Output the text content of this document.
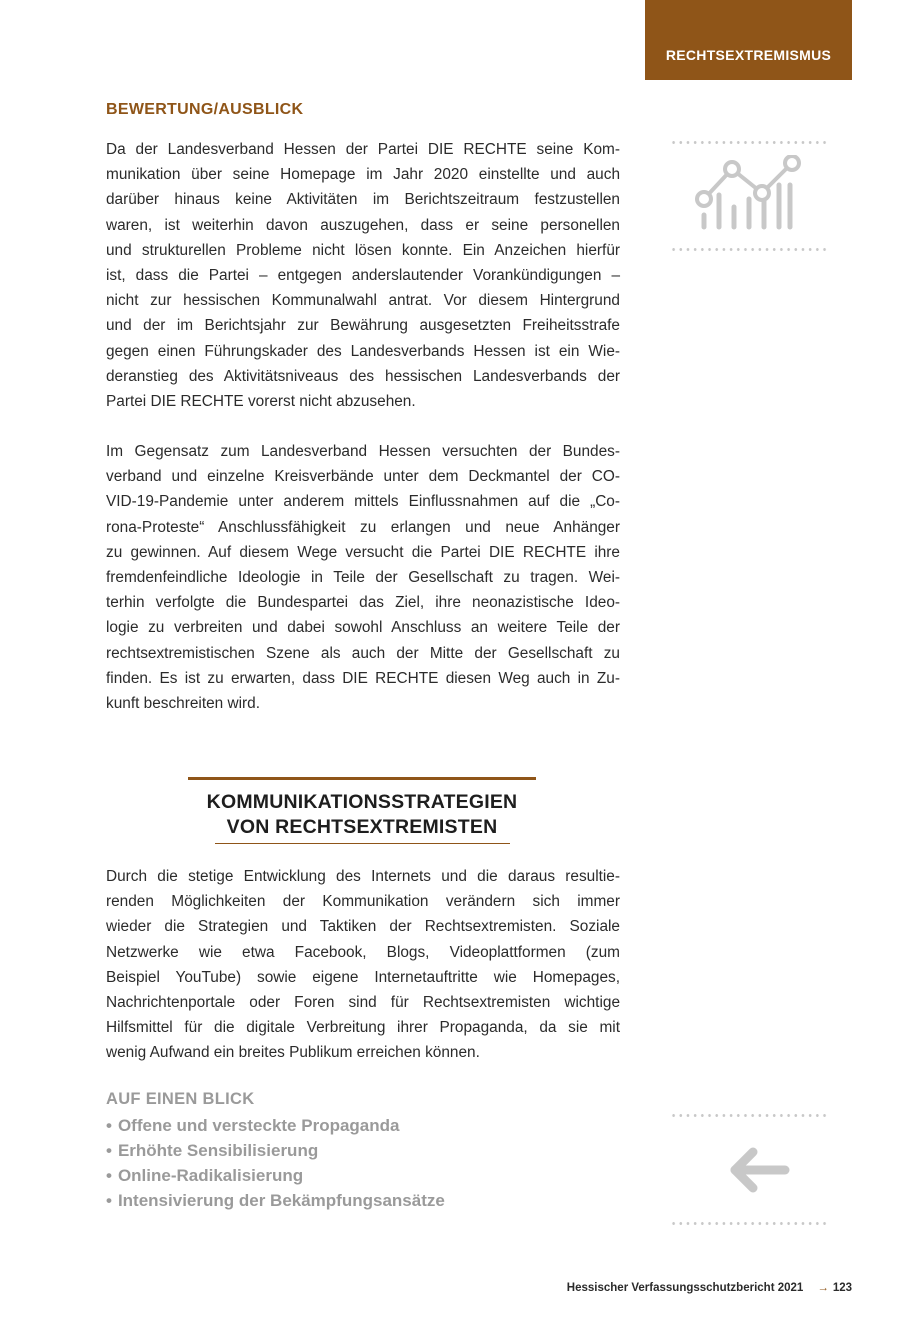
RECHTSEXTREMISMUS
BEWERTUNG/AUSBLICK

Da der Landesverband Hessen der Partei DIE RECHTE seine Kom-
munikation über seine Homepage im Jahr 2020 einstellte und auch
darüber hinaus keine Aktivitäten im Berichtszeitraum festzustellen
waren, ist weiterhin davon auszugehen, dass er seine personellen
und strukturellen Probleme nicht lösen konnte. Ein Anzeichen hierfür
ist, dass die Partei – entgegen anderslautender Vorankündigungen –
nicht zur hessischen Kommunalwahl antrat. Vor diesem Hintergrund
und der im Berichtsjahr zur Bewährung ausgesetzten Freiheitsstrafe
gegen einen Führungskader des Landesverbands Hessen ist ein Wie-
deranstieg des Aktivitätsniveaus des hessischen Landesverbands der
Partei DIE RECHTE vorerst nicht abzusehen.

Im Gegensatz zum Landesverband Hessen versuchten der Bundes-
verband und einzelne Kreisverbände unter dem Deckmantel der CO-
VID-19-Pandemie unter anderem mittels Einflussnahmen auf die „Co-
rona-Proteste“ Anschlussfähigkeit zu erlangen und neue Anhänger
zu gewinnen. Auf diesem Wege versucht die Partei DIE RECHTE ihre
fremdenfeindliche Ideologie in Teile der Gesellschaft zu tragen. Wei-
terhin verfolgte die Bundespartei das Ziel, ihre neonazistische Ideo-
logie zu verbreiten und dabei sowohl Anschluss an weitere Teile der
rechtsextremistischen Szene als auch der Mitte der Gesellschaft zu
finden. Es ist zu erwarten, dass DIE RECHTE diesen Weg auch in Zu-
kunft beschreiten wird.

KOMMUNIKATIONSSTRATEGIEN
VON RECHTSEXTREMISTEN

Durch die stetige Entwicklung des Internets und die daraus resultie-
renden Möglichkeiten der Kommunikation verändern sich immer
wieder die Strategien und Taktiken der Rechtsextremisten. Soziale
Netzwerke wie etwa Facebook, Blogs, Videoplattformen (zum
Beispiel YouTube) sowie eigene Internetauftritte wie Homepages,
Nachrichtenportale oder Foren sind für Rechtsextremisten wichtige
Hilfsmittel für die digitale Verbreitung ihrer Propaganda, da sie mit
wenig Aufwand ein breites Publikum erreichen können.

AUF EINEN BLICK
• Offene und versteckte Propaganda
• Erhöhte Sensibilisierung
• Online-Radikalisierung
• Intensivierung der Bekämpfungsansätze
Hessischer Verfassungsschutzbericht 2021 → 123
